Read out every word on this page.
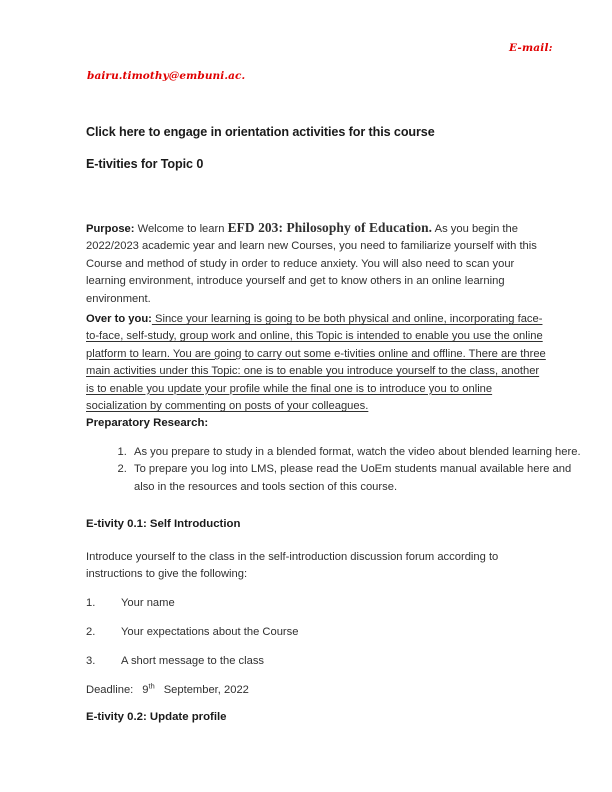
E-mail:
bairu.timothy@embuni.ac.
Click here to engage in orientation activities for this course
E-tivities for Topic 0
Purpose: Welcome to learn EFD 203: Philosophy of Education. As you begin the 2022/2023 academic year and learn new Courses, you need to familiarize yourself with this Course and method of study in order to reduce anxiety. You will also need to scan your learning environment, introduce yourself and get to know others in an online learning environment.
Over to you: Since your learning is going to be both physical and online, incorporating face-to-face, self-study, group work and online, this Topic is intended to enable you use the online platform to learn. You are going to carry out some e-tivities online and offline. There are three main activities under this Topic: one is to enable you introduce yourself to the class, another is to enable you update your profile while the final one is to introduce you to online socialization by commenting on posts of your colleagues.
Preparatory Research:
1. As you prepare to study in a blended format, watch the video about blended learning here.
2. To prepare you log into LMS, please read the UoEm students manual available here and also in the resources and tools section of this course.
E-tivity 0.1: Self Introduction
Introduce yourself to the class in the self-introduction discussion forum according to instructions to give the following:
1. Your name
2. Your expectations about the Course
3. A short message to the class
Deadline: 9th September, 2022
E-tivity 0.2: Update profile
